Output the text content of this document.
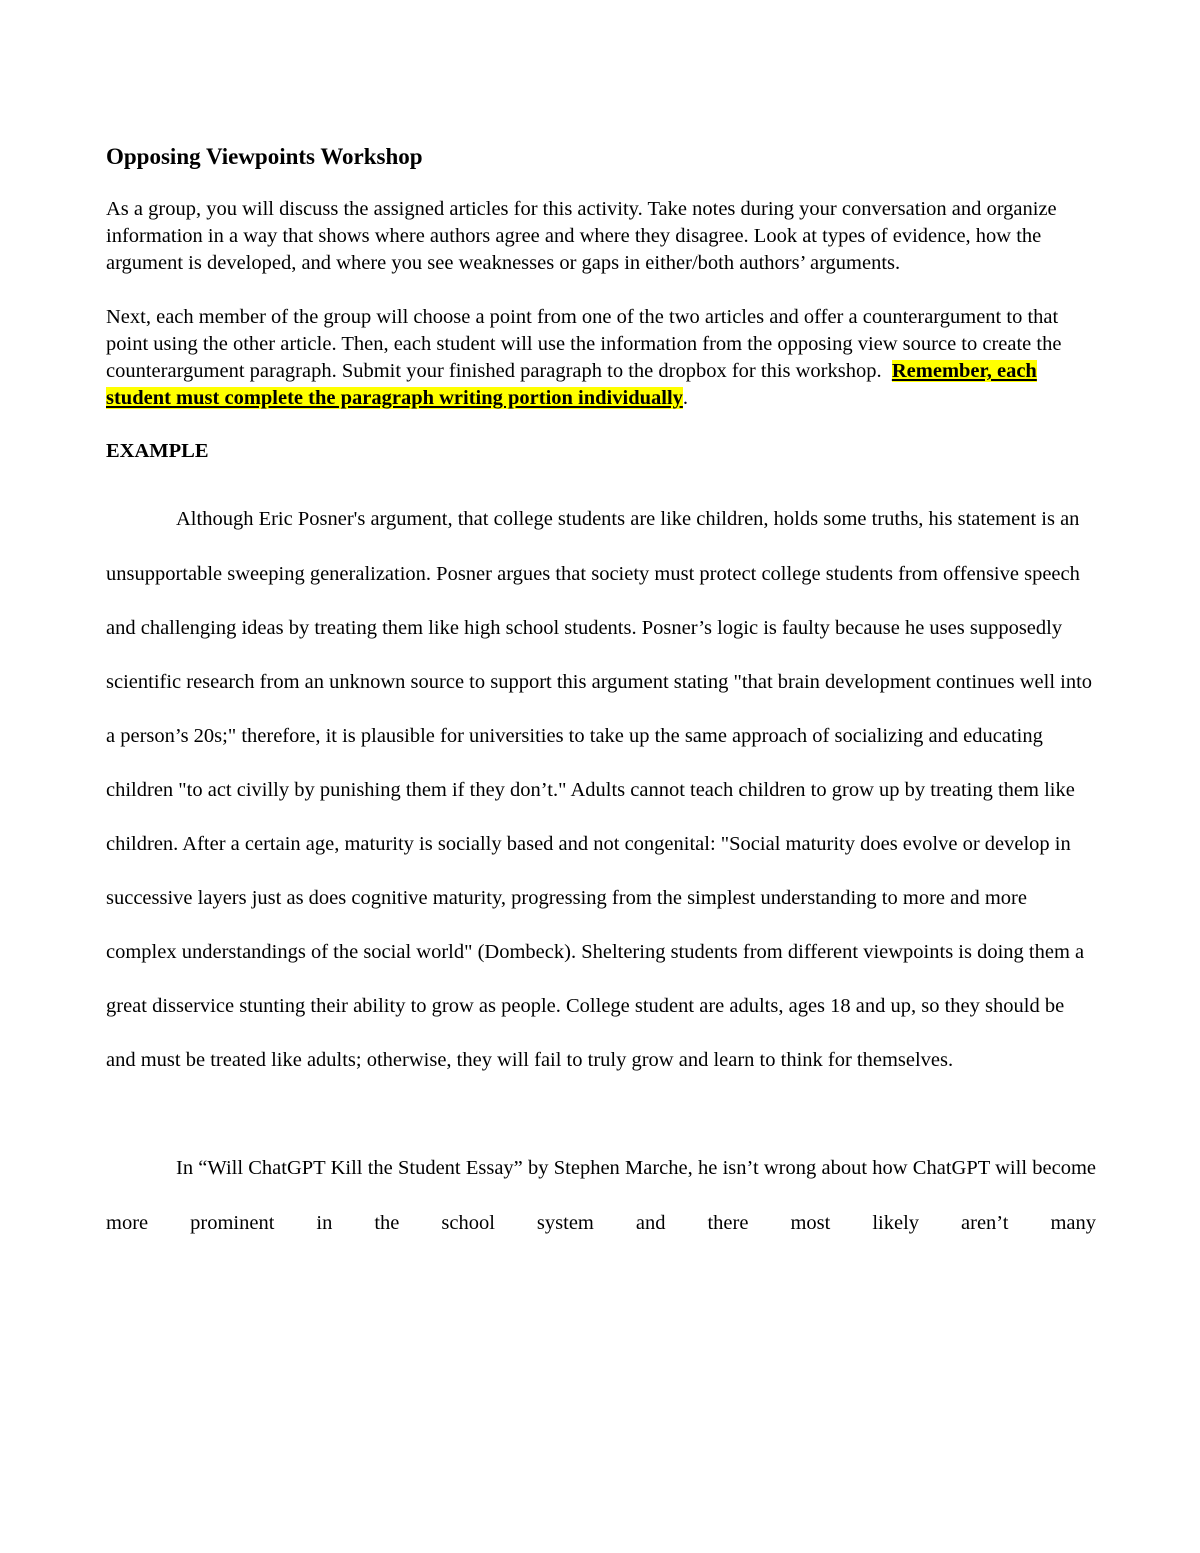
Opposing Viewpoints Workshop

As a group, you will discuss the assigned articles for this activity. Take notes during your conversation and organize information in a way that shows where authors agree and where they disagree. Look at types of evidence, how the argument is developed, and where you see weaknesses or gaps in either/both authors’ arguments.

Next, each member of the group will choose a point from one of the two articles and offer a counterargument to that point using the other article. Then, each student will use the information from the opposing view source to create the counterargument paragraph. Submit your finished paragraph to the dropbox for this workshop. Remember, each student must complete the paragraph writing portion individually.

EXAMPLE

Although Eric Posner's argument, that college students are like children, holds some truths, his statement is an unsupportable sweeping generalization. Posner argues that society must protect college students from offensive speech and challenging ideas by treating them like high school students. Posner’s logic is faulty because he uses supposedly scientific research from an unknown source to support this argument stating "that brain development continues well into a person’s 20s;" therefore, it is plausible for universities to take up the same approach of socializing and educating children "to act civilly by punishing them if they don’t." Adults cannot teach children to grow up by treating them like children. After a certain age, maturity is socially based and not congenital: "Social maturity does evolve or develop in successive layers just as does cognitive maturity, progressing from the simplest understanding to more and more complex understandings of the social world" (Dombeck). Sheltering students from different viewpoints is doing them a great disservice stunting their ability to grow as people. College student are adults, ages 18 and up, so they should be and must be treated like adults; otherwise, they will fail to truly grow and learn to think for themselves.

In “Will ChatGPT Kill the Student Essay” by Stephen Marche, he isn’t wrong about how ChatGPT will become more prominent in the school system and there most likely aren’t many
